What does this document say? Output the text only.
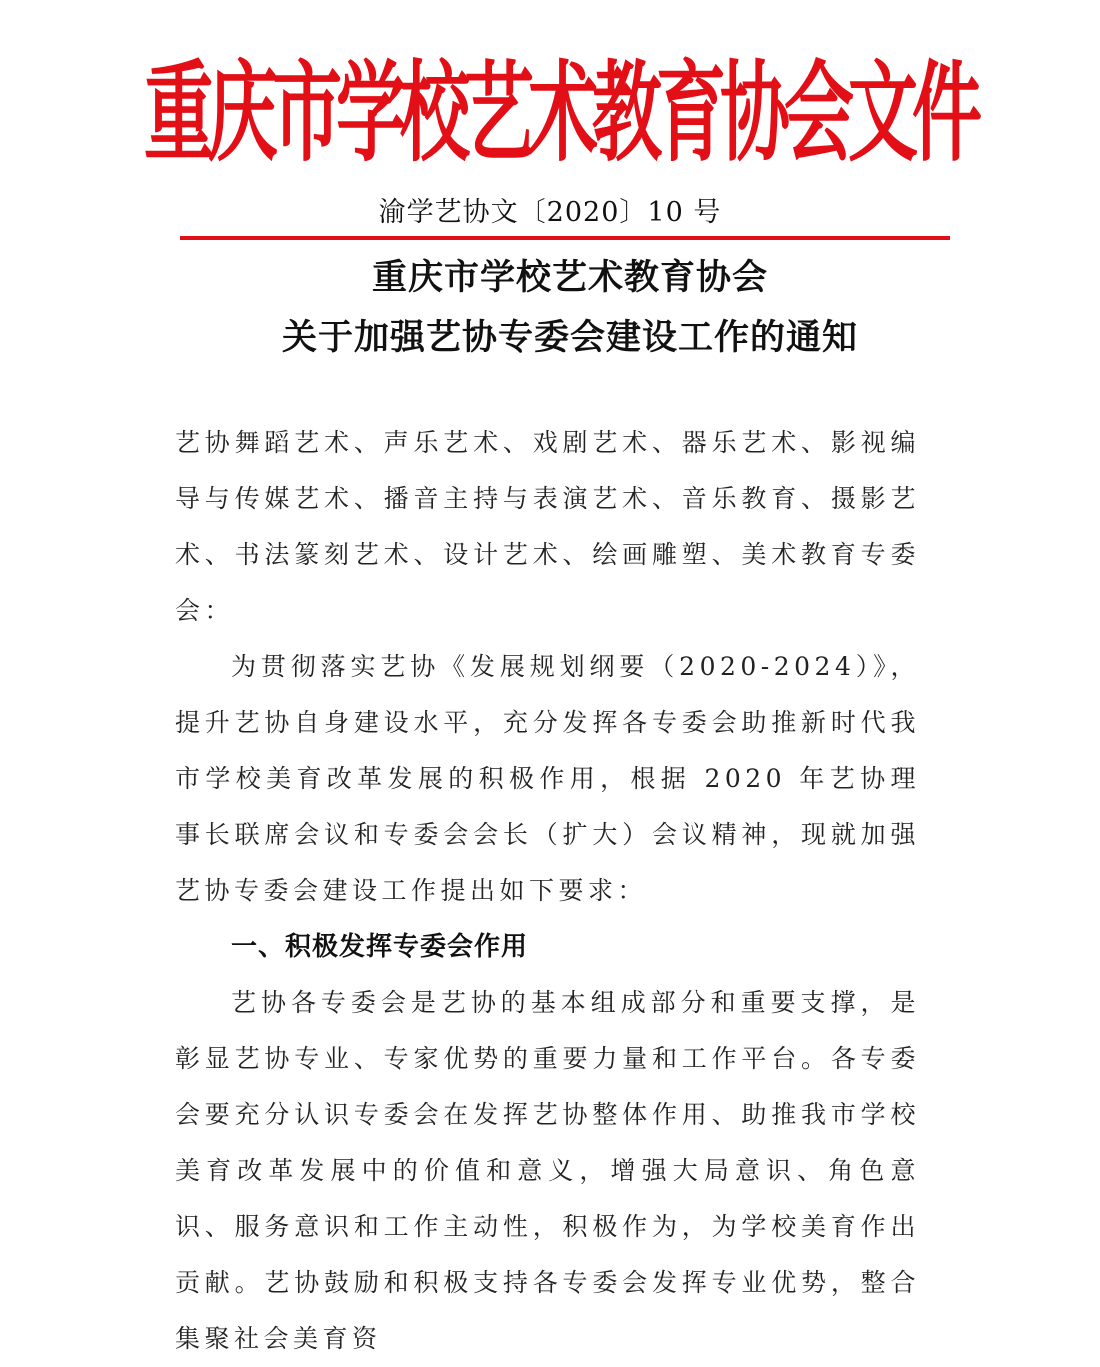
重庆市学校艺术教育协会文件
渝学艺协文〔2020〕10 号
重庆市学校艺术教育协会
关于加强艺协专委会建设工作的通知

艺协舞蹈艺术、声乐艺术、戏剧艺术、器乐艺术、影视编导与传媒艺术、播音主持与表演艺术、音乐教育、摄影艺术、书法篆刻艺术、设计艺术、绘画雕塑、美术教育专委会：

为贯彻落实艺协《发展规划纲要（2020-2024）》，提升艺协自身建设水平，充分发挥各专委会助推新时代我市学校美育改革发展的积极作用，根据 2020 年艺协理事长联席会议和专委会会长（扩大）会议精神，现就加强艺协专委会建设工作提出如下要求：

一、积极发挥专委会作用

艺协各专委会是艺协的基本组成部分和重要支撑，是彰显艺协专业、专家优势的重要力量和工作平台。各专委会要充分认识专委会在发挥艺协整体作用、助推我市学校美育改革发展中的价值和意义，增强大局意识、角色意识、服务意识和工作主动性，积极作为，为学校美育作出贡献。艺协鼓励和积极支持各专委会发挥专业优势，整合集聚社会美育资
